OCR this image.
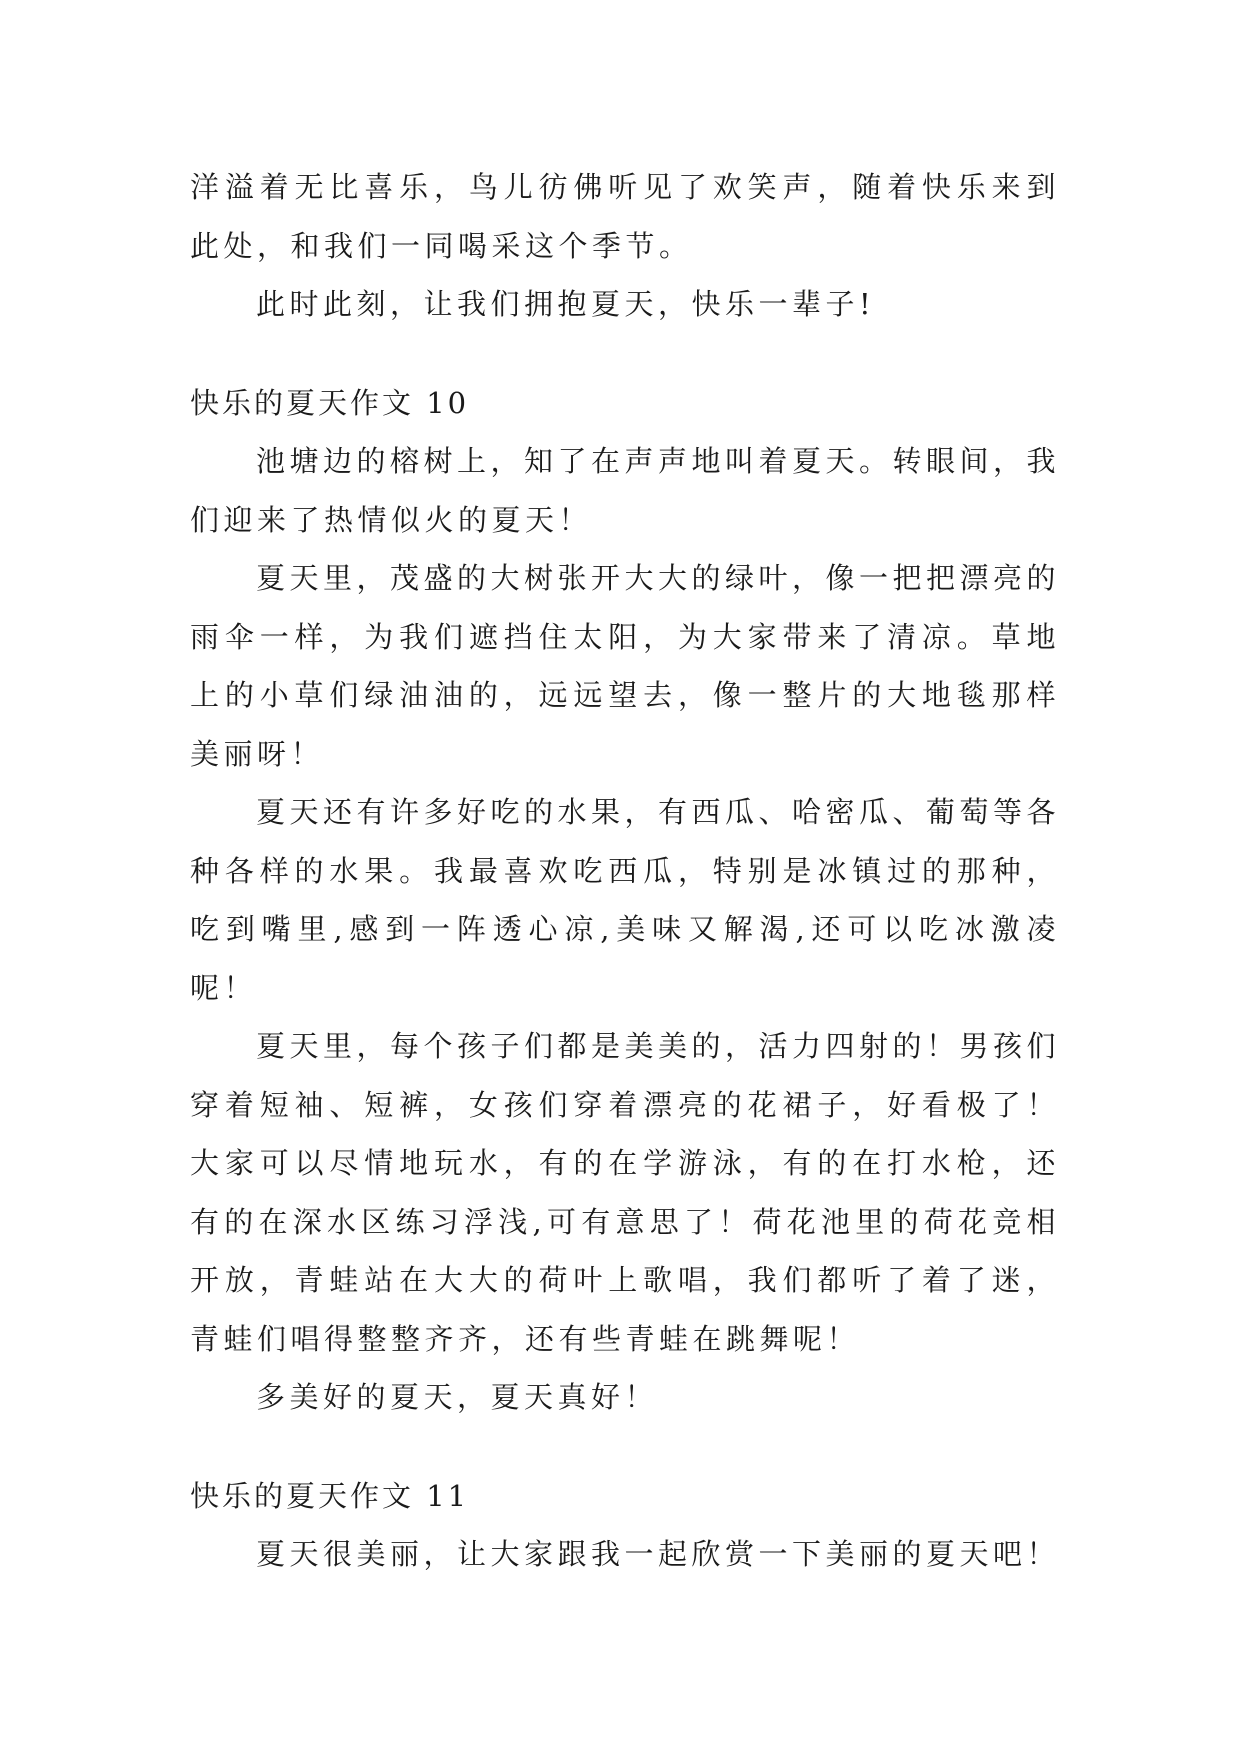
洋溢着无比喜乐，鸟儿彷佛听见了欢笑声，随着快乐来到此处，和我们一同喝采这个季节。

此时此刻，让我们拥抱夏天，快乐一辈子!

快乐的夏天作文 10

池塘边的榕树上，知了在声声地叫着夏天。转眼间，我们迎来了热情似火的夏天！

夏天里，茂盛的大树张开大大的绿叶，像一把把漂亮的雨伞一样，为我们遮挡住太阳，为大家带来了清凉。草地上的小草们绿油油的，远远望去，像一整片的大地毯那样美丽呀！

夏天还有许多好吃的水果，有西瓜、哈密瓜、葡萄等各种各样的水果。我最喜欢吃西瓜，特别是冰镇过的那种，吃到嘴里,感到一阵透心凉,美味又解渴,还可以吃冰激凌呢！

夏天里，每个孩子们都是美美的，活力四射的！男孩们穿着短袖、短裤，女孩们穿着漂亮的花裙子，好看极了！大家可以尽情地玩水，有的在学游泳，有的在打水枪，还有的在深水区练习浮浅,可有意思了！荷花池里的荷花竞相开放，青蛙站在大大的荷叶上歌唱，我们都听了着了迷，青蛙们唱得整整齐齐，还有些青蛙在跳舞呢！

多美好的夏天，夏天真好！

快乐的夏天作文 11

夏天很美丽，让大家跟我一起欣赏一下美丽的夏天吧！
